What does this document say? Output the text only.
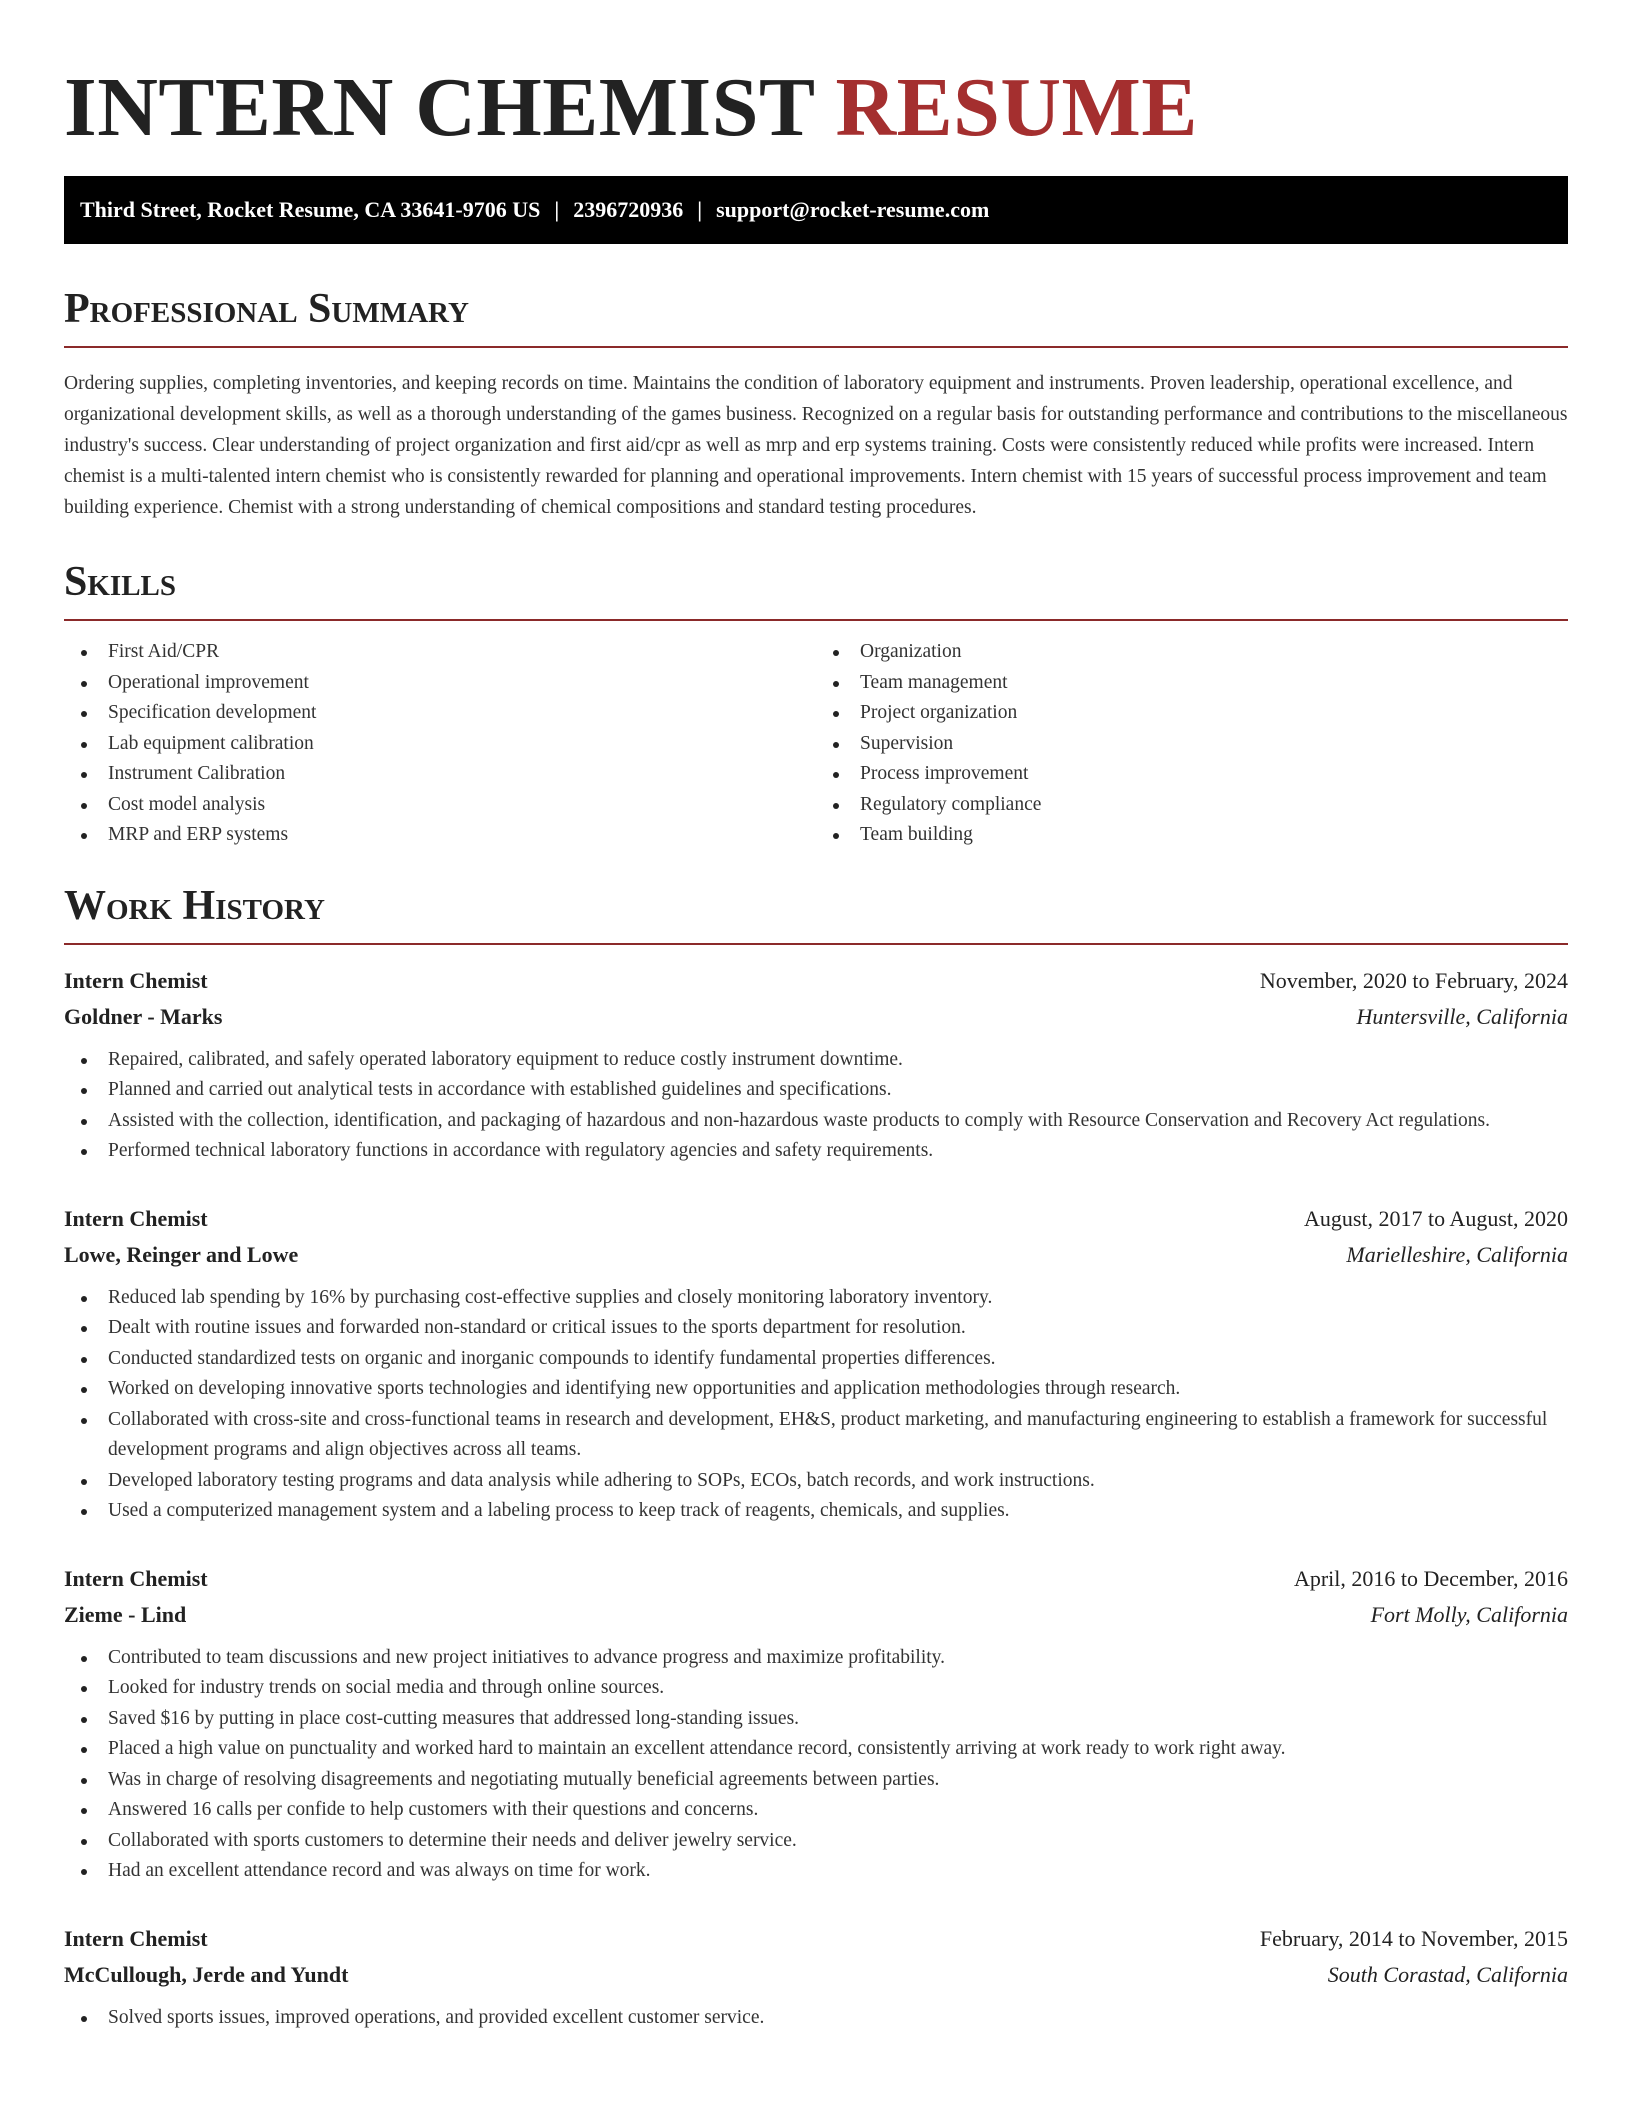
INTERN CHEMIST RESUME
Third Street, Rocket Resume, CA 33641-9706 US | 2396720936 | support@rocket-resume.com
Professional Summary

Ordering supplies, completing inventories, and keeping records on time. Maintains the condition of laboratory equipment and instruments. Proven leadership, operational excellence, and organizational development skills, as well as a thorough understanding of the games business. Recognized on a regular basis for outstanding performance and contributions to the miscellaneous industry's success. Clear understanding of project organization and first aid/cpr as well as mrp and erp systems training. Costs were consistently reduced while profits were increased. Intern chemist is a multi-talented intern chemist who is consistently rewarded for planning and operational improvements. Intern chemist with 15 years of successful process improvement and team building experience. Chemist with a strong understanding of chemical compositions and standard testing procedures.

Skills
First Aid/CPR
Operational improvement
Specification development
Lab equipment calibration
Instrument Calibration
Cost model analysis
MRP and ERP systems
Organization
Team management
Project organization
Supervision
Process improvement
Regulatory compliance
Team building
Work History
Intern Chemist	November, 2020 to February, 2024
Goldner - Marks	Huntersville, California
Repaired, calibrated, and safely operated laboratory equipment to reduce costly instrument downtime.
Planned and carried out analytical tests in accordance with established guidelines and specifications.
Assisted with the collection, identification, and packaging of hazardous and non-hazardous waste products to comply with Resource Conservation and Recovery Act regulations.
Performed technical laboratory functions in accordance with regulatory agencies and safety requirements.
Intern Chemist	August, 2017 to August, 2020
Lowe, Reinger and Lowe	Marielleshire, California
Reduced lab spending by 16% by purchasing cost-effective supplies and closely monitoring laboratory inventory.
Dealt with routine issues and forwarded non-standard or critical issues to the sports department for resolution.
Conducted standardized tests on organic and inorganic compounds to identify fundamental properties differences.
Worked on developing innovative sports technologies and identifying new opportunities and application methodologies through research.
Collaborated with cross-site and cross-functional teams in research and development, EH&S, product marketing, and manufacturing engineering to establish a framework for successful development programs and align objectives across all teams.
Developed laboratory testing programs and data analysis while adhering to SOPs, ECOs, batch records, and work instructions.
Used a computerized management system and a labeling process to keep track of reagents, chemicals, and supplies.
Intern Chemist	April, 2016 to December, 2016
Zieme - Lind	Fort Molly, California
Contributed to team discussions and new project initiatives to advance progress and maximize profitability.
Looked for industry trends on social media and through online sources.
Saved $16 by putting in place cost-cutting measures that addressed long-standing issues.
Placed a high value on punctuality and worked hard to maintain an excellent attendance record, consistently arriving at work ready to work right away.
Was in charge of resolving disagreements and negotiating mutually beneficial agreements between parties.
Answered 16 calls per confide to help customers with their questions and concerns.
Collaborated with sports customers to determine their needs and deliver jewelry service.
Had an excellent attendance record and was always on time for work.
Intern Chemist	February, 2014 to November, 2015
McCullough, Jerde and Yundt	South Corastad, California
Solved sports issues, improved operations, and provided excellent customer service.
